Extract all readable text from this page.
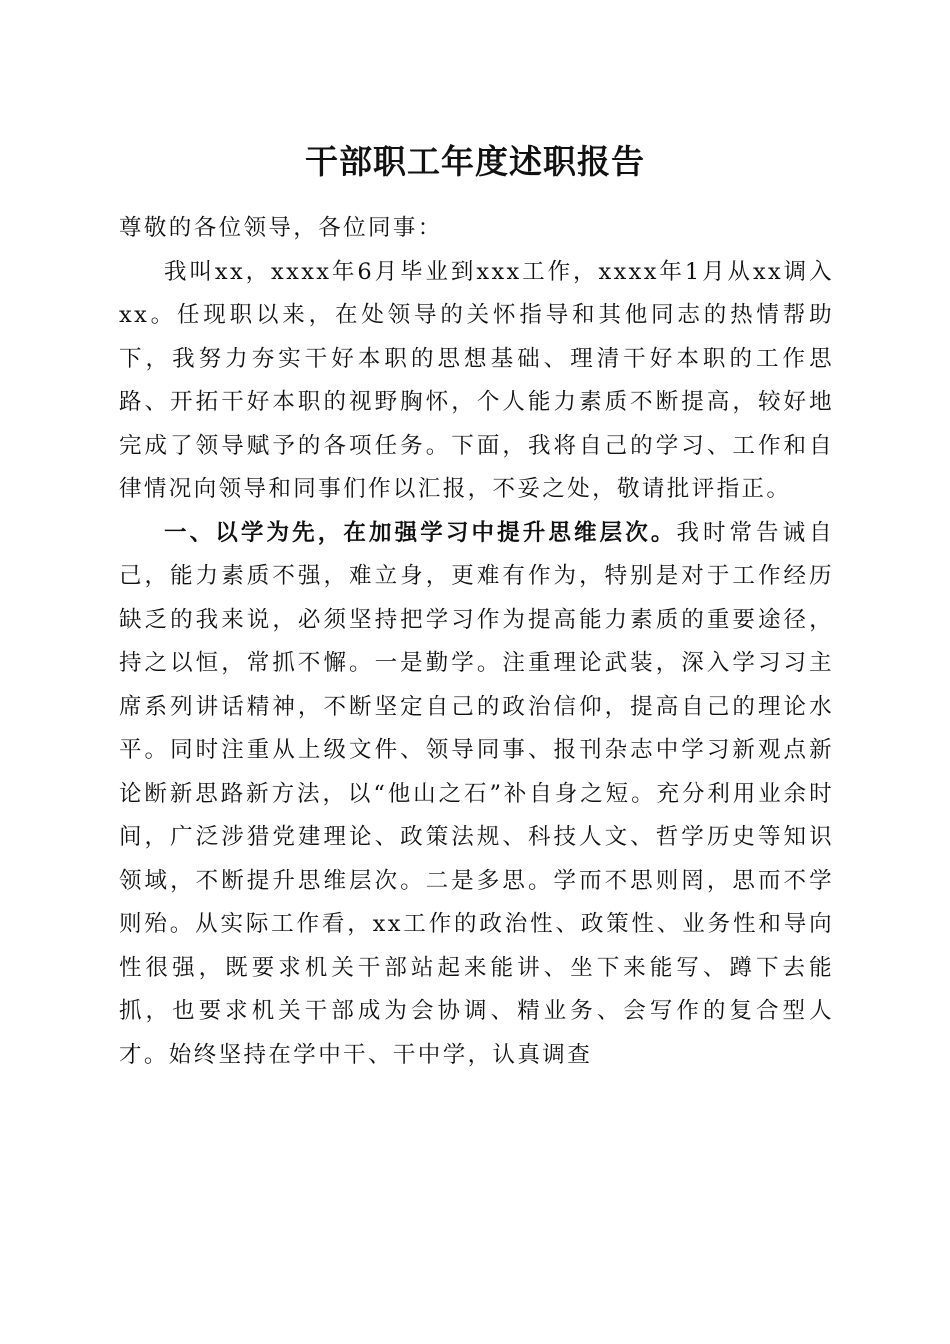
干部职工年度述职报告

尊敬的各位领导，各位同事：

我叫xx，xxxx年6月毕业到xxx工作，xxxx年1月从xx调入xx。任现职以来，在处领导的关怀指导和其他同志的热情帮助下，我努力夯实干好本职的思想基础、理清干好本职的工作思路、开拓干好本职的视野胸怀，个人能力素质不断提高，较好地完成了领导赋予的各项任务。下面，我将自己的学习、工作和自律情况向领导和同事们作以汇报，不妥之处，敬请批评指正。

一、以学为先，在加强学习中提升思维层次。我时常告诫自己，能力素质不强，难立身，更难有作为，特别是对于工作经历缺乏的我来说，必须坚持把学习作为提高能力素质的重要途径，持之以恒，常抓不懈。一是勤学。注重理论武装，深入学习习主席系列讲话精神，不断坚定自己的政治信仰，提高自己的理论水平。同时注重从上级文件、领导同事、报刊杂志中学习新观点新论断新思路新方法，以“他山之石”补自身之短。充分利用业余时间，广泛涉猎党建理论、政策法规、科技人文、哲学历史等知识领域，不断提升思维层次。二是多思。学而不思则罔，思而不学则殆。从实际工作看，xx工作的政治性、政策性、业务性和导向性很强，既要求机关干部站起来能讲、坐下来能写、蹲下去能抓，也要求机关干部成为会协调、精业务、会写作的复合型人才。始终坚持在学中干、干中学，认真调查
